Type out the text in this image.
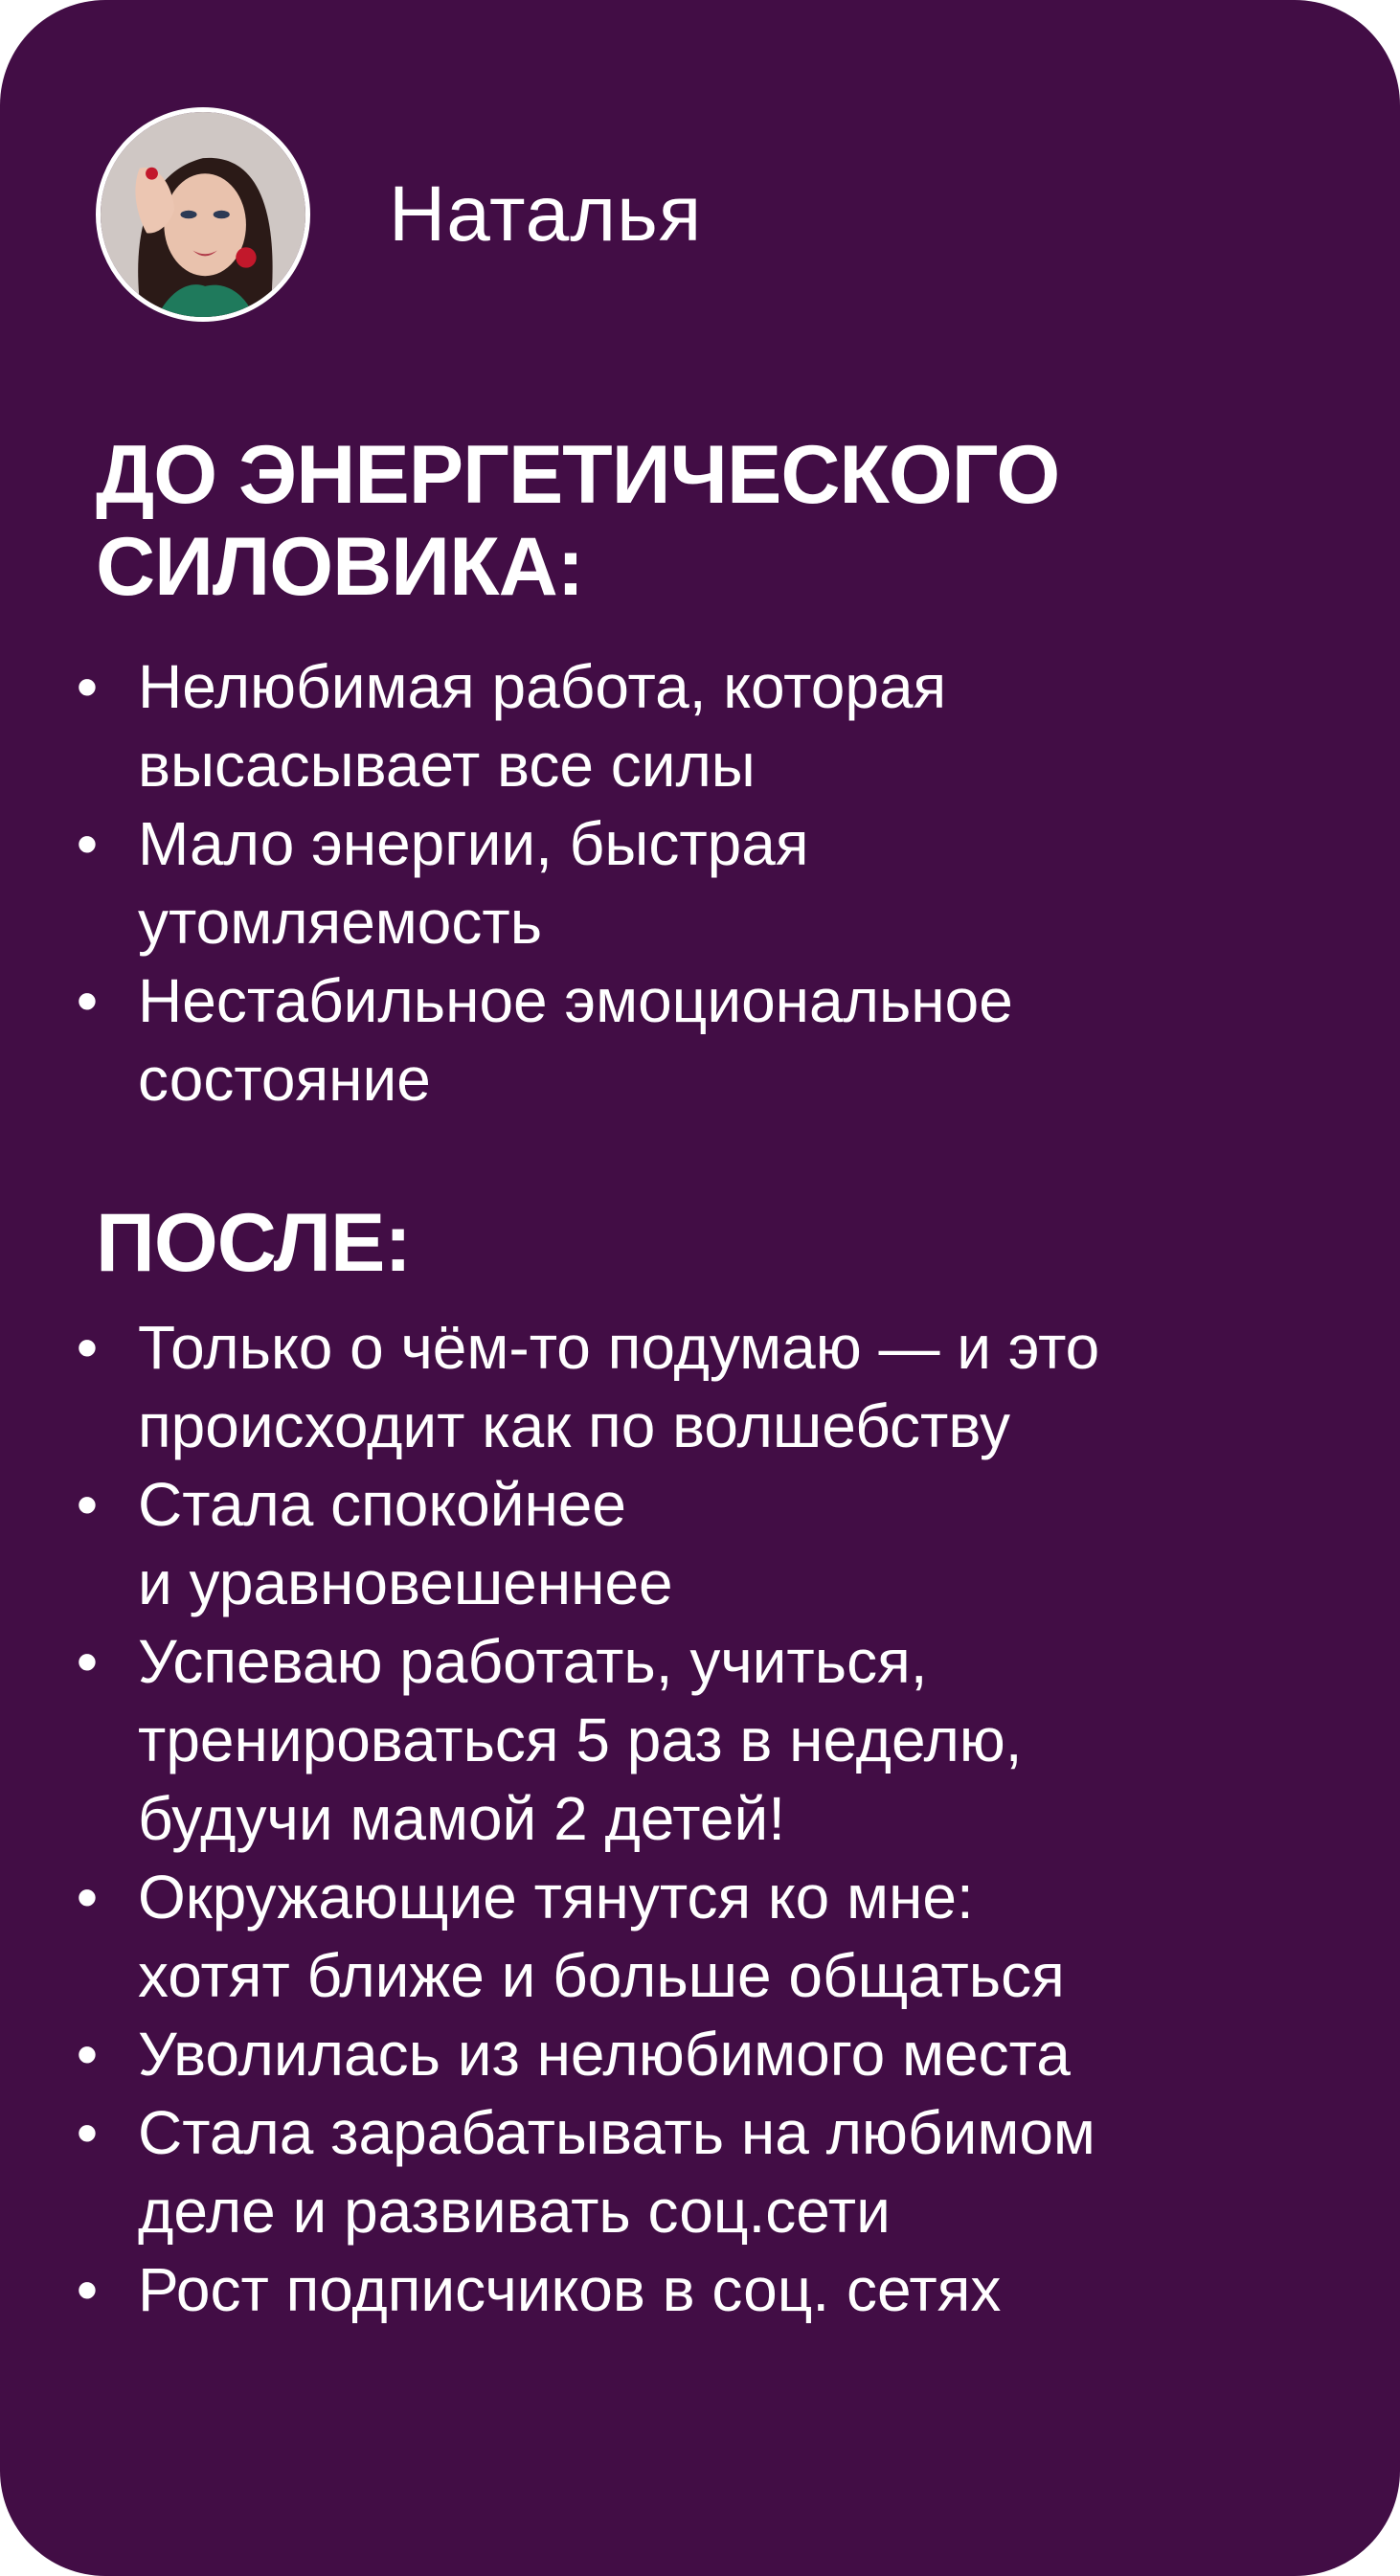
Наталья
ДО ЭНЕРГЕТИЧЕСКОГО
СИЛОВИКА:
• Нелюбимая работа, которая
высасывает все силы
• Мало энергии, быстрая
утомляемость
• Нестабильное эмоциональное
состояние
ПОСЛЕ:
• Только о чём-то подумаю — и это
происходит как по волшебству
• Стала спокойнее
и уравновешеннее
• Успеваю работать, учиться,
тренироваться 5 раз в неделю,
будучи мамой 2 детей!
• Окружающие тянутся ко мне:
хотят ближе и больше общаться
• Уволилась из нелюбимого места
• Стала зарабатывать на любимом
деле и развивать соц.сети
• Рост подписчиков в соц. сетях
